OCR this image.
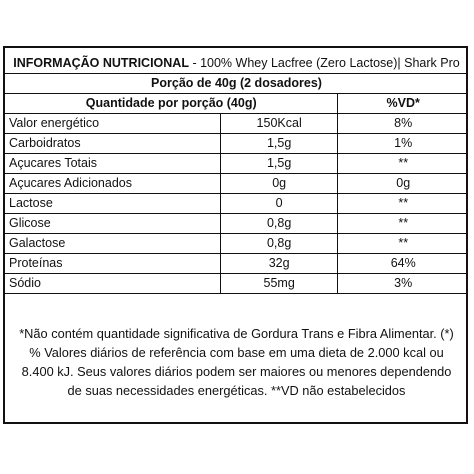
INFORMAÇÃO NUTRICIONAL - 100% Whey Lacfree (Zero Lactose)| Shark Pro		
Porção de 40g (2 dosadores)		
Quantidade por porção (40g)		%VD*
Valor energético	150Kcal	8%
Carboidratos	1,5g	1%
Açucares Totais	1,5g	**
Açucares Adicionados	0g	0g
Lactose	0	**
Glicose	0,8g	**
Galactose	0,8g	**
Proteínas	32g	64%
Sódio	55mg	3%
*Não contém quantidade significativa de Gordura Trans e Fibra Alimentar. (*) % Valores diários de referência com base em uma dieta de 2.000 kcal ou 8.400 kJ. Seus valores diários podem ser maiores ou menores dependendo de suas necessidades energéticas. **VD não estabelecidos
